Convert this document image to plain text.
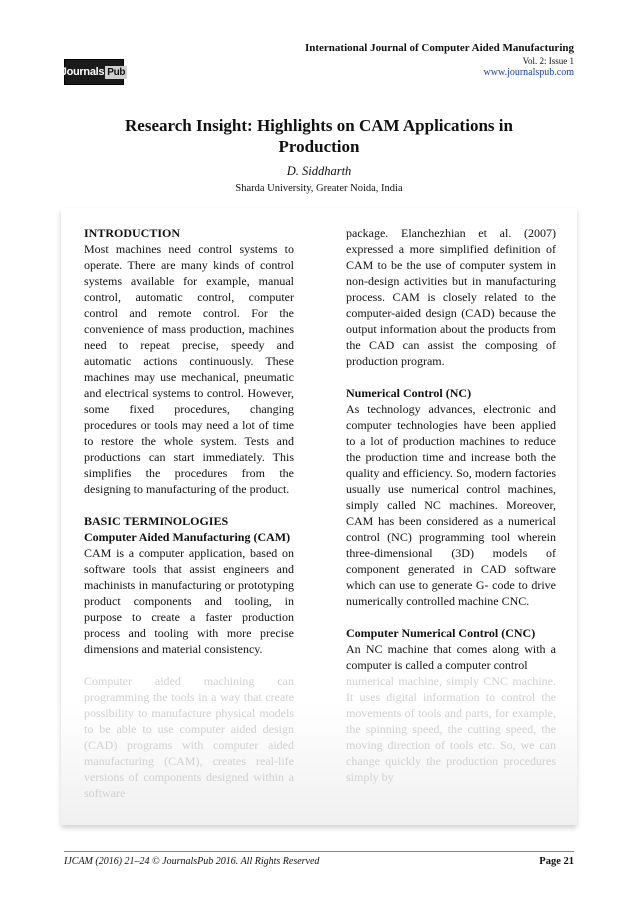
Journals Pub
International Journal of Computer Aided Manufacturing
Vol. 2: Issue 1
www.journalspub.com
Research Insight: Highlights on CAM Applications in Production
D. Siddharth
Sharda University, Greater Noida, India
INTRODUCTION

Most machines need control systems to operate. There are many kinds of control systems available for example, manual control, automatic control, computer control and remote control. For the convenience of mass production, machines need to repeat precise, speedy and automatic actions continuously. These machines may use mechanical, pneumatic and electrical systems to control. However, some fixed procedures, changing procedures or tools may need a lot of time to restore the whole system. Tests and productions can start immediately. This simplifies the procedures from the designing to manufacturing of the product.

BASIC TERMINOLOGIES
Computer Aided Manufacturing (CAM)

CAM is a computer application, based on software tools that assist engineers and machinists in manufacturing or prototyping product components and tooling, in purpose to create a faster production process and tooling with more precise dimensions and material consistency.

Computer aided machining can programming the tools in a way that create possibility to manufacture physical models to be able to use computer aided design (CAD) programs with computer aided manufacturing (CAM), creates real-life versions of components designed within a software

package. Elanchezhian et al. (2007) expressed a more simplified definition of CAM to be the use of computer system in non-design activities but in manufacturing process. CAM is closely related to the computer-aided design (CAD) because the output information about the products from the CAD can assist the composing of production program.

Numerical Control (NC)

As technology advances, electronic and computer technologies have been applied to a lot of production machines to reduce the production time and increase both the quality and efficiency. So, modern factories usually use numerical control machines, simply called NC machines. Moreover, CAM has been considered as a numerical control (NC) programming tool wherein three-dimensional (3D) models of component generated in CAD software which can use to generate G- code to drive numerically controlled machine CNC.

Computer Numerical Control (CNC)

An NC machine that comes along with a computer is called a computer control

numerical machine, simply CNC machine. It uses digital information to control the movements of tools and parts, for example, the spinning speed, the cutting speed, the moving direction of tools etc. So, we can change quickly the production procedures simply by

IJCAM (2016) 21–24 © JournalsPub 2016. All Rights Reserved	Page 21
